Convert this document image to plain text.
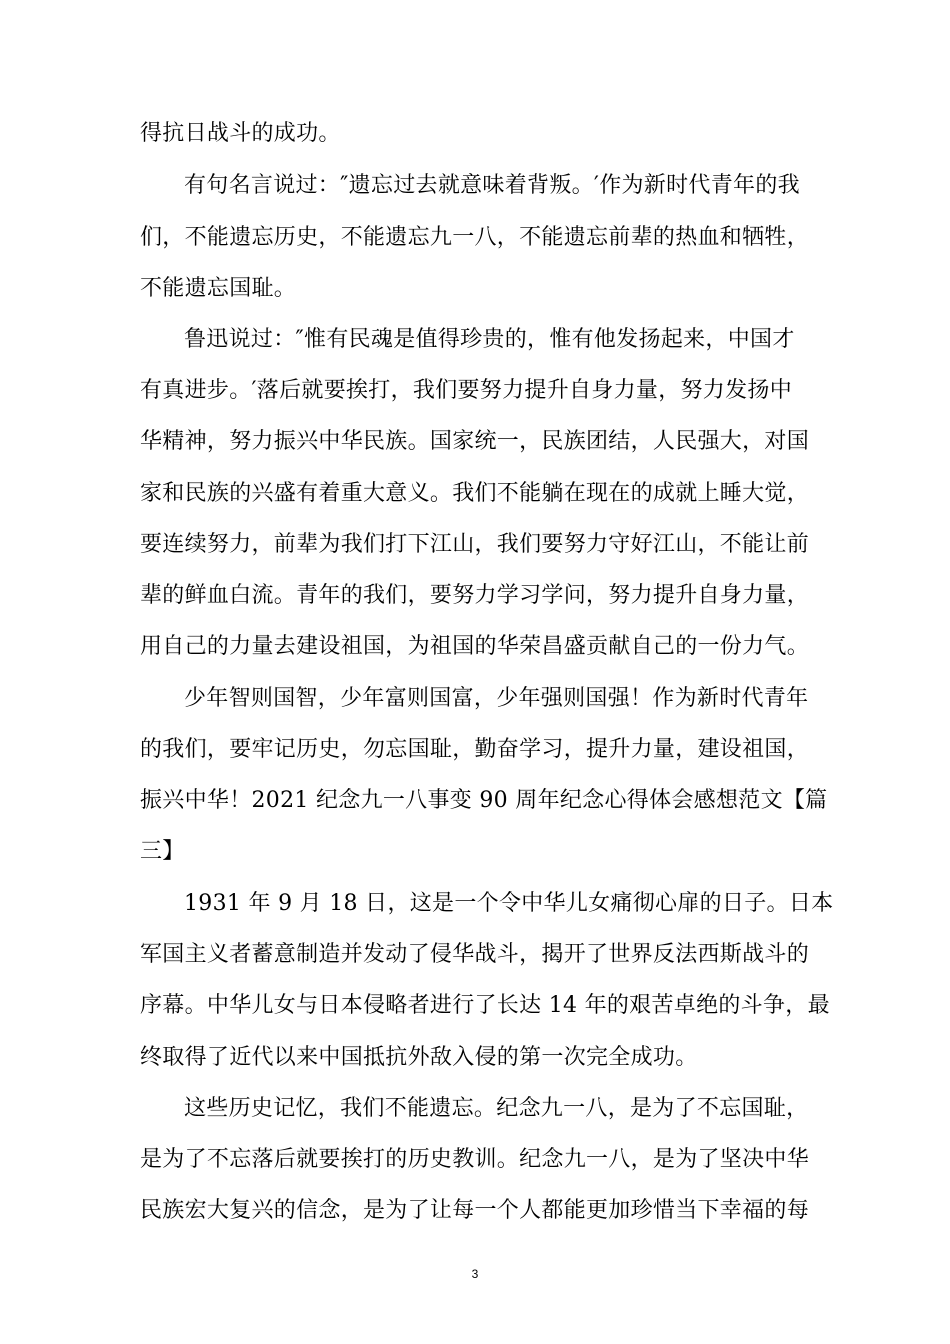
得抗日战斗的成功。
有句名言说过：″遗忘过去就意味着背叛。′作为新时代青年的我
们，不能遗忘历史，不能遗忘九一八，不能遗忘前辈的热血和牺牲，
不能遗忘国耻。
鲁迅说过：″惟有民魂是值得珍贵的，惟有他发扬起来，中国才
有真进步。′落后就要挨打，我们要努力提升自身力量，努力发扬中
华精神，努力振兴中华民族。国家统一，民族团结，人民强大，对国
家和民族的兴盛有着重大意义。我们不能躺在现在的成就上睡大觉，
要连续努力，前辈为我们打下江山，我们要努力守好江山，不能让前
辈的鲜血白流。青年的我们，要努力学习学问，努力提升自身力量，
用自己的力量去建设祖国，为祖国的华荣昌盛贡献自己的一份力气。
少年智则国智，少年富则国富，少年强则国强！作为新时代青年
的我们，要牢记历史，勿忘国耻，勤奋学习，提升力量，建设祖国，
振兴中华！2021 纪念九一八事变 90 周年纪念心得体会感想范文【篇
三】
1931 年 9 月 18 日，这是一个令中华儿女痛彻心扉的日子。日本
军国主义者蓄意制造并发动了侵华战斗，揭开了世界反法西斯战斗的
序幕。中华儿女与日本侵略者进行了长达 14 年的艰苦卓绝的斗争，最
终取得了近代以来中国抵抗外敌入侵的第一次完全成功。
这些历史记忆，我们不能遗忘。纪念九一八，是为了不忘国耻，
是为了不忘落后就要挨打的历史教训。纪念九一八，是为了坚决中华
民族宏大复兴的信念，是为了让每一个人都能更加珍惜当下幸福的每
3
